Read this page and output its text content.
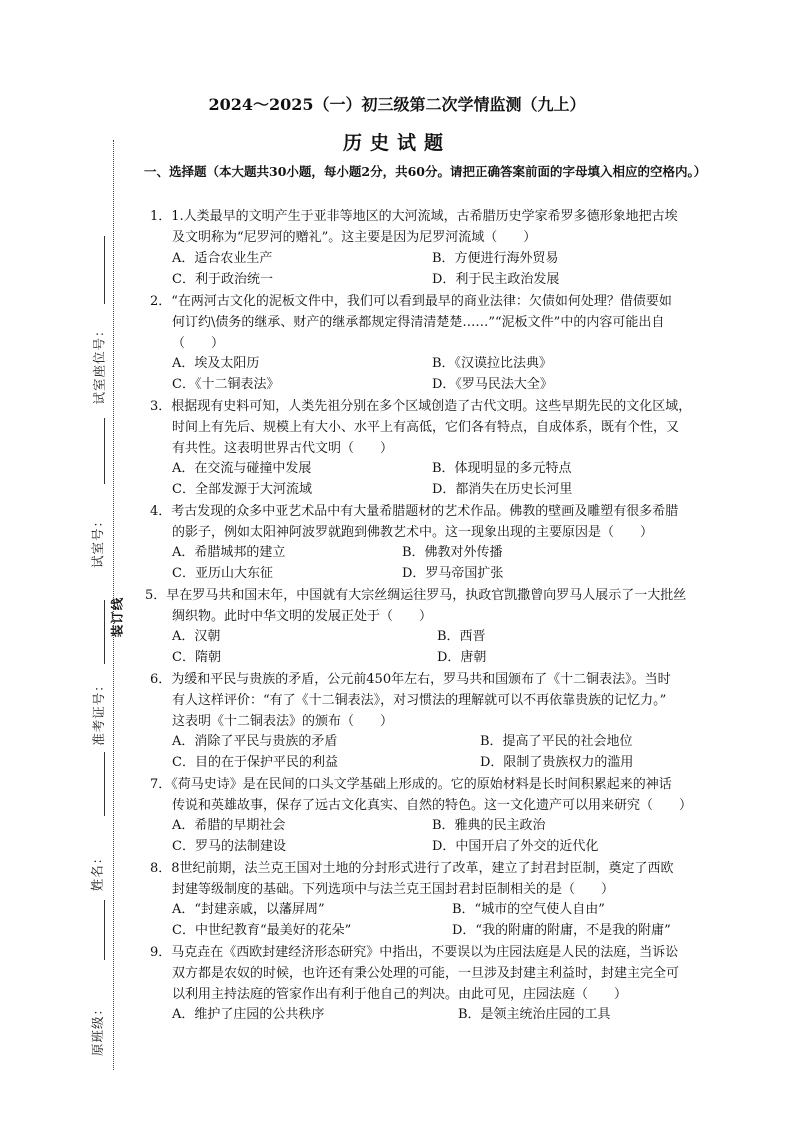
2024～2025（一）初三级第二次学情监测（九上）
历史试题
一、选择题（本大题共30小题，每小题2分，共60分。请把正确答案前面的字母填入相应的空格内。）
试室座位号：
试室号：
装订线
准考证号：
姓名：
原班级：
1．1.人类最早的文明产生于亚非等地区的大河流域，古希腊历史学家希罗多德形象地把古埃
及文明称为“尼罗河的赠礼”。这主要是因为尼罗河流域（　　）
A．适合农业生产	B．方便进行海外贸易
C．利于政治统一	D．利于民主政治发展
2．“在两河古文化的泥板文件中，我们可以看到最早的商业法律：欠债如何处理？借债要如
何订约\债务的继承、财产的继承都规定得清清楚楚……”“泥板文件”中的内容可能出自
（　　）
A．埃及太阳历	B．《汉谟拉比法典》
C．《十二铜表法》	D．《罗马民法大全》
3．根据现有史料可知，人类先祖分别在多个区域创造了古代文明。这些早期先民的文化区域，
时间上有先后、规模上有大小、水平上有高低，它们各有特点，自成体系，既有个性，又
有共性。这表明世界古代文明（　　）
A．在交流与碰撞中发展	B．体现明显的多元特点
C．全部发源于大河流域	D．都消失在历史长河里
4．考古发现的众多中亚艺术品中有大量希腊题材的艺术作品。佛教的壁画及雕塑有很多希腊
的影子，例如太阳神阿波罗就跑到佛教艺术中。这一现象出现的主要原因是（　　）
A．希腊城邦的建立	B．佛教对外传播
C．亚历山大东征	D．罗马帝国扩张
5．早在罗马共和国末年，中国就有大宗丝绸运往罗马，执政官凯撒曾向罗马人展示了一大批丝
绸织物。此时中华文明的发展正处于（　　）
A．汉朝	B．西晋
C．隋朝	D．唐朝
6．为缓和平民与贵族的矛盾，公元前450年左右，罗马共和国颁布了《十二铜表法》。当时
有人这样评价：“有了《十二铜表法》，对习惯法的理解就可以不再依靠贵族的记忆力。”
这表明《十二铜表法》的颁布（　　）
A．消除了平民与贵族的矛盾	B．提高了平民的社会地位
C．目的在于保护平民的利益	D．限制了贵族权力的滥用
7．《荷马史诗》是在民间的口头文学基础上形成的。它的原始材料是长时间积累起来的神话
传说和英雄故事，保存了远古文化真实、自然的特色。这一文化遗产可以用来研究（　　）
A．希腊的早期社会	B．雅典的民主政治
C．罗马的法制建设	D．中国开启了外交的近代化
8．8世纪前期，法兰克王国对土地的分封形式进行了改革，建立了封君封臣制，奠定了西欧
封建等级制度的基础。下列选项中与法兰克王国封君封臣制相关的是（　　）
A．“封建亲戚，以藩屏周”	B．“城市的空气使人自由”
C．中世纪教育“最美好的花朵”	D．“我的附庸的附庸，不是我的附庸”
9．马克垚在《西欧封建经济形态研究》中指出，不要误以为庄园法庭是人民的法庭，当诉讼
双方都是农奴的时候，也许还有秉公处理的可能，一旦涉及封建主利益时，封建主完全可
以利用主持法庭的管家作出有利于他自己的判决。由此可见，庄园法庭（　　）
A．维护了庄园的公共秩序	B．是领主统治庄园的工具
